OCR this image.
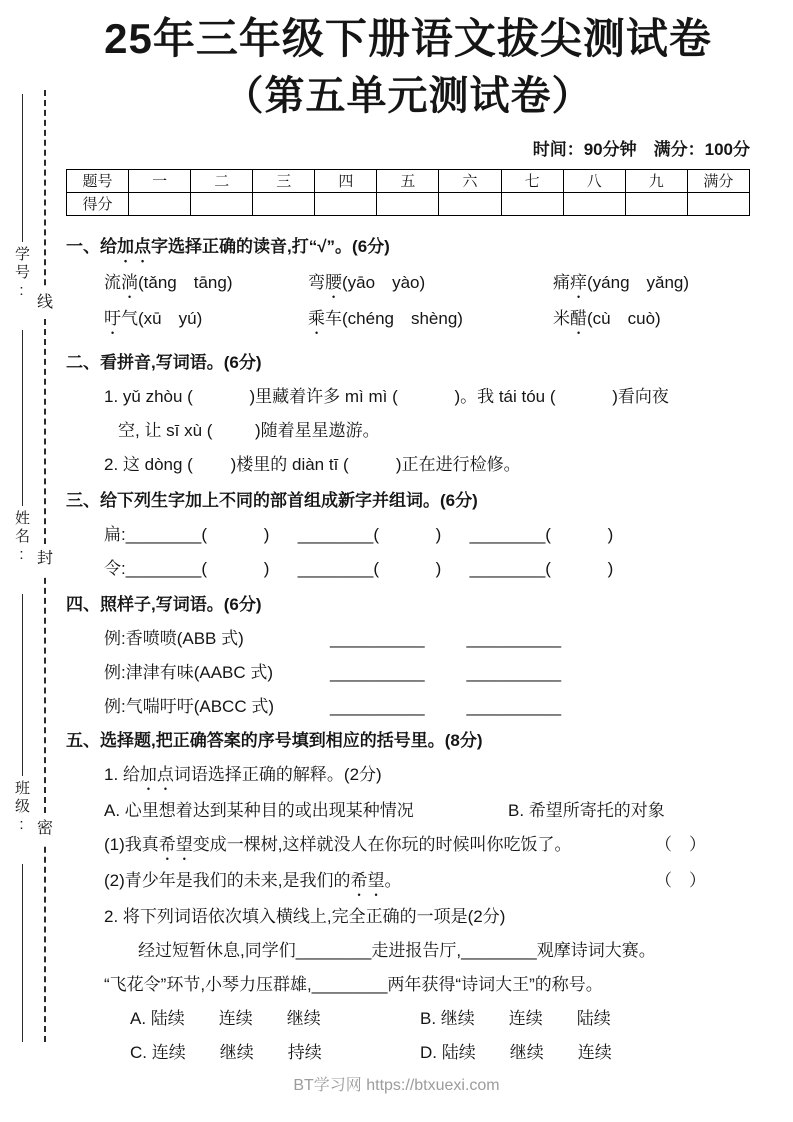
学号:
姓名:
班级:
线
封
密
25年三年级下册语文拔尖测试卷
（第五单元测试卷）
时间：90分钟　满分：100分
题号	一	二	三	四	五	六	七	八	九	满分
得分										
一、给加点字选择正确的读音,打“√”。(6分)
流淌(tǎng　tāng)	弯腰(yāo　yào)	痛痒(yáng　yǎng)
吁气(xū　yú)	乘车(chéng　shèng)	米醋(cù　cuò)
二、看拼音,写词语。(6分)
1. yǔ zhòu (            )里藏着许多 mì mì (            )。我 tái tóu (            )看向夜
空, 让 sī xù (         )随着星星遨游。
2. 这 dòng (        )楼里的 diàn tī (          )正在进行检修。
三、给下列生字加上不同的部首组成新字并组词。(6分)
扁:________(            )      ________(            )      ________(            )
令:________(            )      ________(            )      ________(            )
四、照样子,写词语。(6分)
例:香喷喷(ABB 式)	__________ __________
例:津津有味(AABC 式)	__________ __________
例:气喘吁吁(ABCC 式)	__________ __________
五、选择题,把正确答案的序号填到相应的括号里。(8分)
1. 给加点词语选择正确的解释。(2分)
A. 心里想着达到某种目的或出现某种情况	B. 希望所寄托的对象
(1)我真希望变成一棵树,这样就没人在你玩的时候叫你吃饭了。	（　）
(2)青少年是我们的未来,是我们的希望。	（　）
2. 将下列词语依次填入横线上,完全正确的一项是(2分)
经过短暂休息,同学们________走进报告厅,________观摩诗词大赛。
“飞花令”环节,小琴力压群雄,________两年获得“诗词大王”的称号。
A. 陆续　　连续　　继续	B. 继续　　连续　　陆续
C. 连续　　继续　　持续	D. 陆续　　继续　　连续
BT学习网 https://btxuexi.com
